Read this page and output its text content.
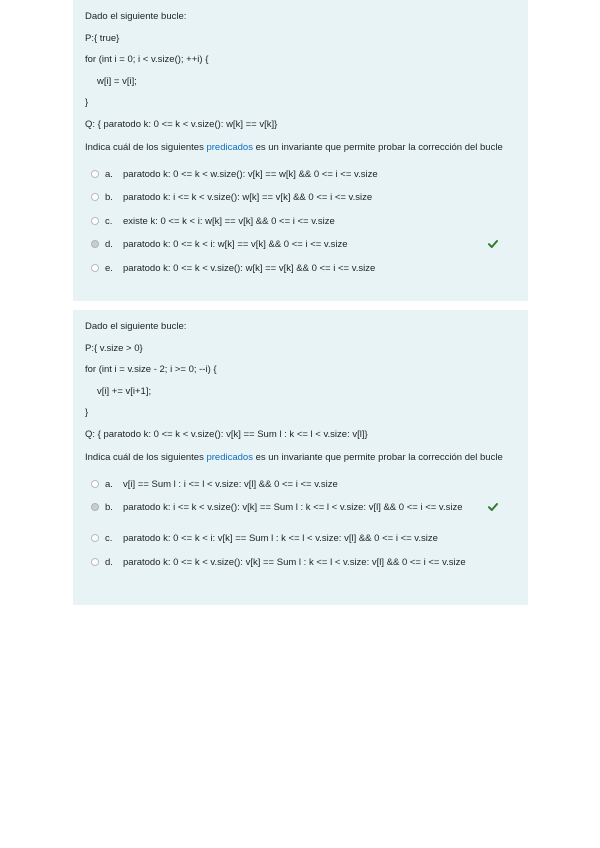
Dado el siguiente bucle:
P:{ true}
for (int i = 0; i < v.size(); ++i) {
w[i] = v[i];
}
Q: { paratodo k: 0 <= k < v.size(): w[k] == v[k]}
Indica cuál de los siguientes predicados es un invariante que permite probar la corrección del bucle
a.	paratodo k: 0 <= k < w.size(): v[k] == w[k] && 0 <= i <= v.size
b.	paratodo k: i <= k < v.size(): w[k] == v[k] && 0 <= i <= v.size
c.	existe k: 0 <= k < i: w[k] == v[k] && 0 <= i <= v.size
d.	paratodo k: 0 <= k < i: w[k] == v[k] && 0 <= i <= v.size
e.	paratodo k: 0 <= k < v.size(): w[k] == v[k] && 0 <= i <= v.size
Dado el siguiente bucle:
P:{ v.size > 0}
for (int i = v.size - 2; i >= 0; --i) {
v[i] += v[i+1];
}
Q: { paratodo k: 0 <= k < v.size(): v[k] == Sum l : k <= l < v.size: v[l]}
Indica cuál de los siguientes predicados es un invariante que permite probar la corrección del bucle
a.	v[i] == Sum l : i <= l < v.size: v[l] && 0 <= i <= v.size
b.	paratodo k: i <= k < v.size(): v[k] == Sum l : k <= l < v.size: v[l] && 0 <= i <= v.size
c.	paratodo k: 0 <= k < i: v[k] == Sum l : k <= l < v.size: v[l] && 0 <= i <= v.size
d.	paratodo k: 0 <= k < v.size(): v[k] == Sum l : k <= l < v.size: v[l] && 0 <= i <= v.size
